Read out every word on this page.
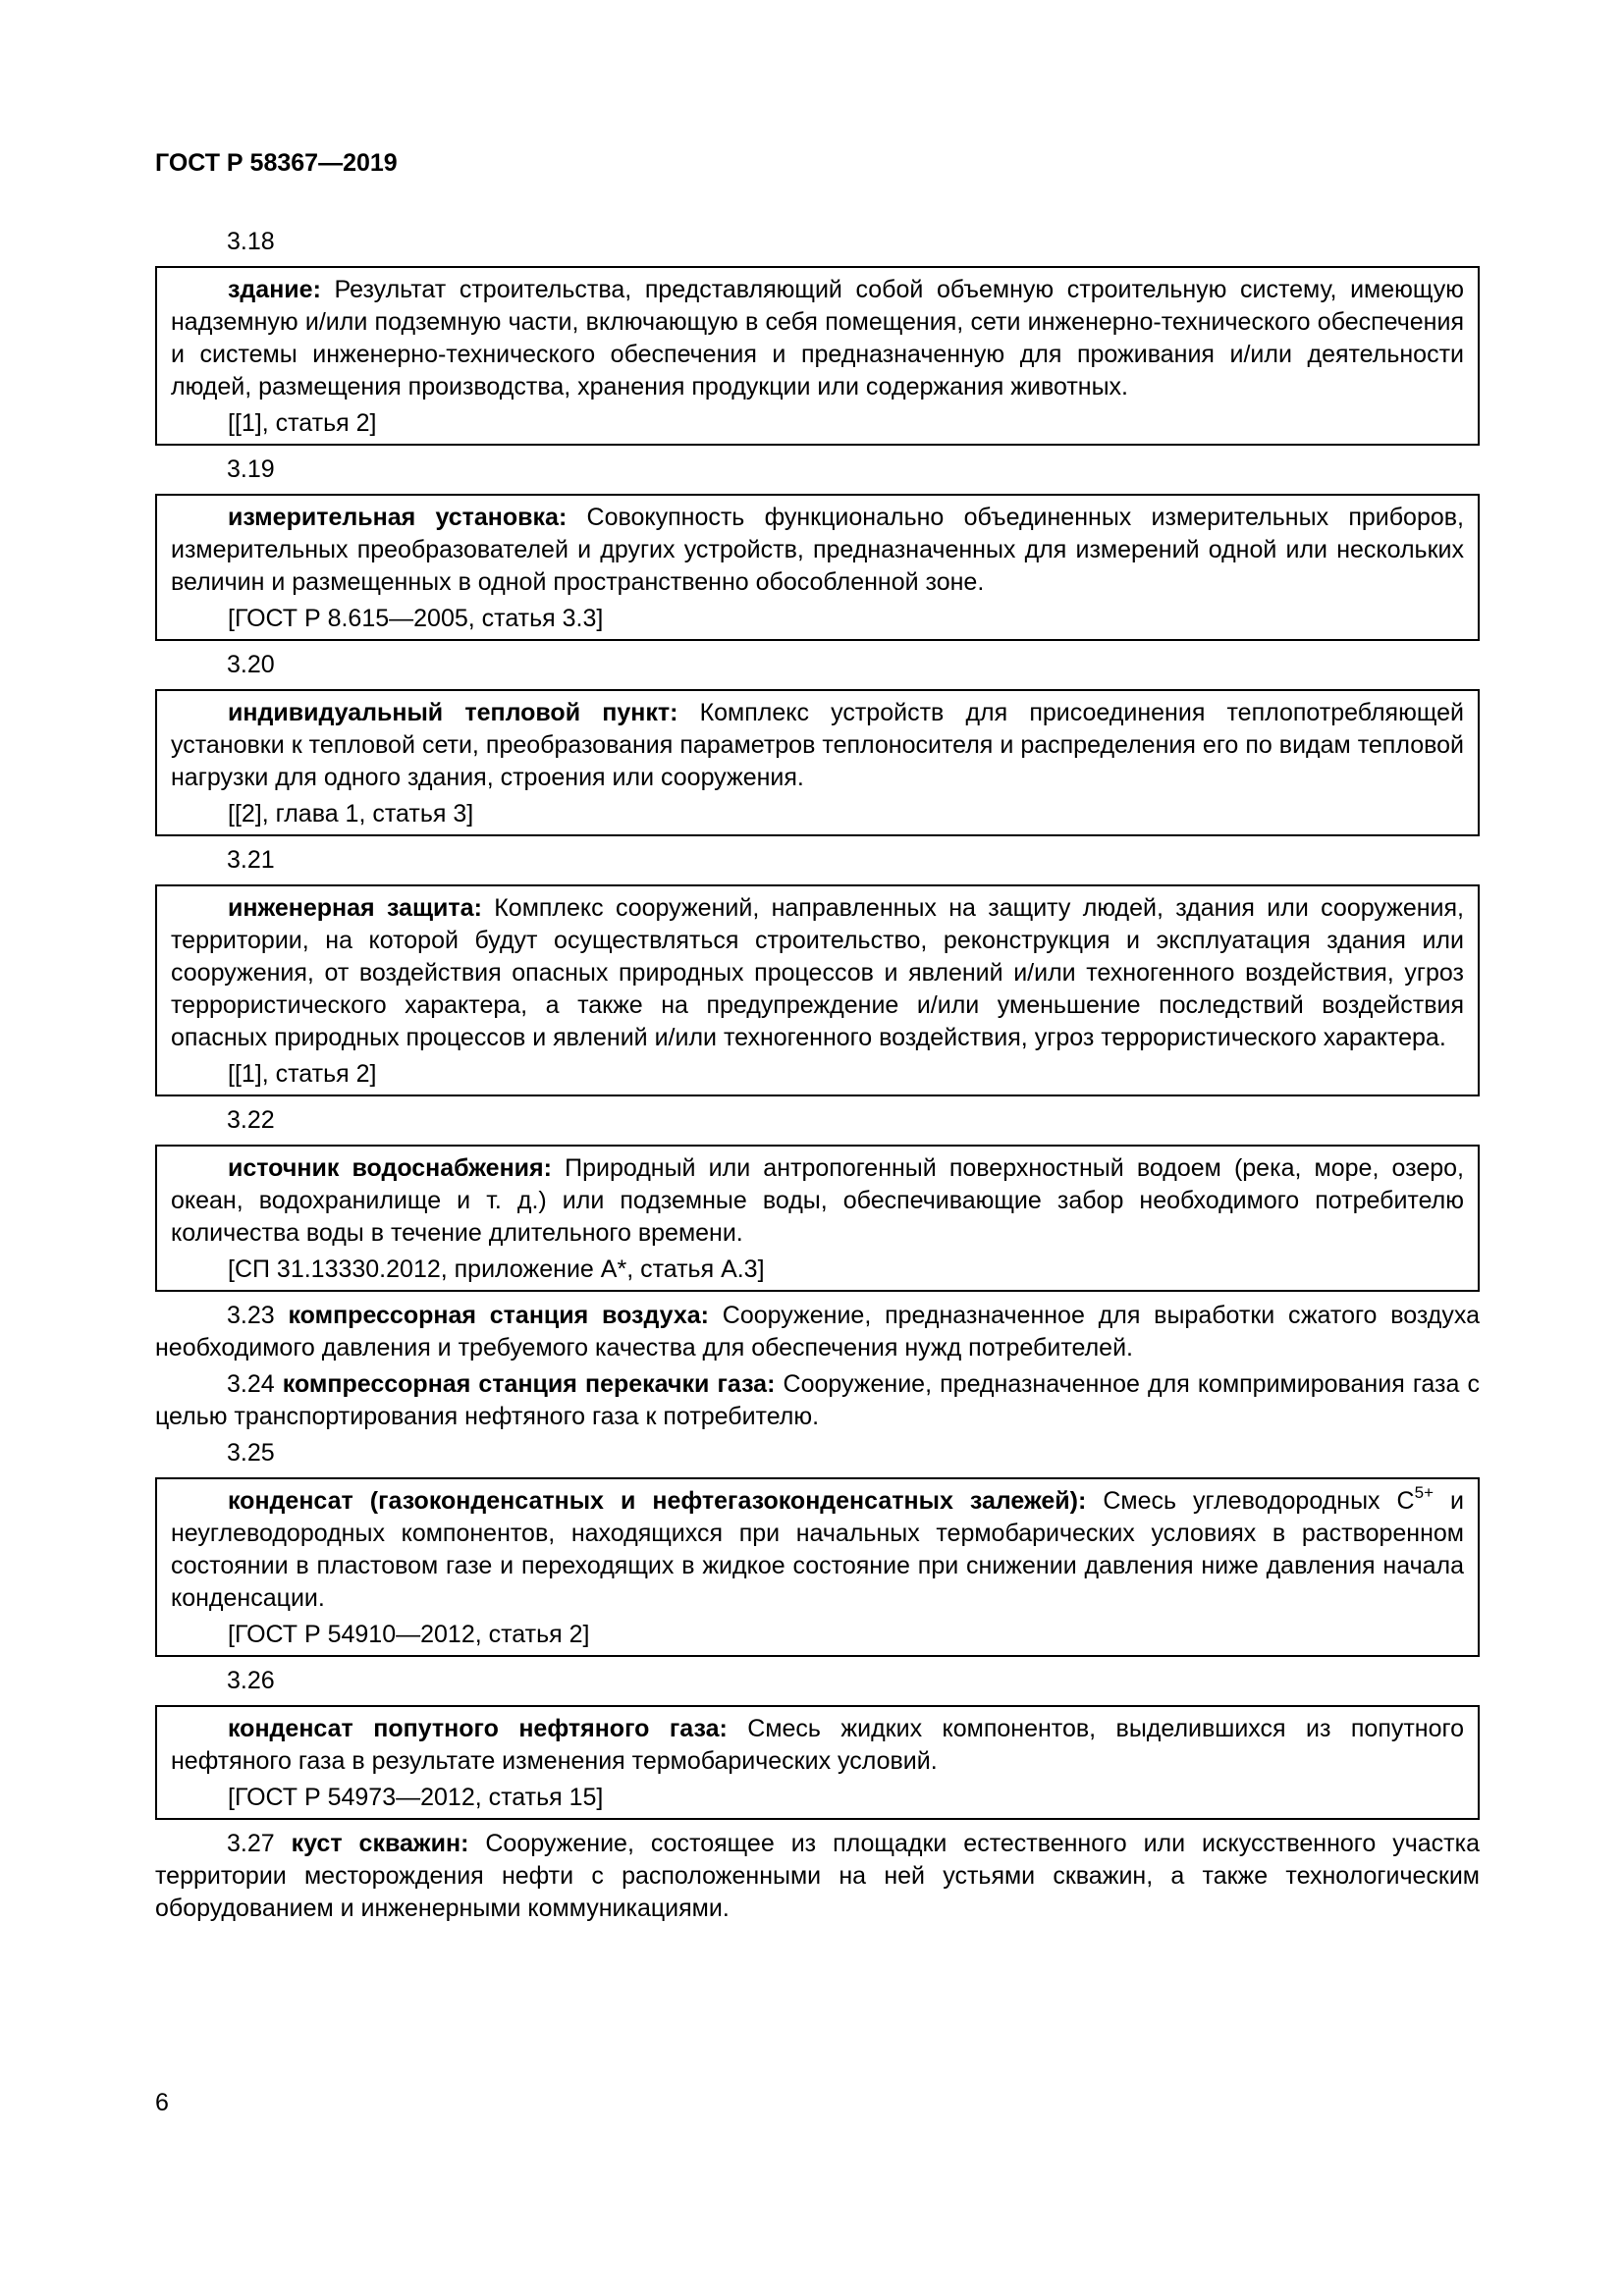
ГОСТ Р 58367—2019
3.18

здание: Результат строительства, представляющий собой объемную строительную систему, имеющую надземную и/или подземную части, включающую в себя помещения, сети инженерно-технического обеспечения и системы инженерно-технического обеспечения и предназначенную для проживания и/или деятельности людей, размещения производства, хранения продукции или содержания животных.

[[1], статья 2]

3.19

измерительная установка: Совокупность функционально объединенных измерительных приборов, измерительных преобразователей и других устройств, предназначенных для измерений одной или нескольких величин и размещенных в одной пространственно обособленной зоне.

[ГОСТ Р 8.615—2005, статья 3.3]

3.20

индивидуальный тепловой пункт: Комплекс устройств для присоединения теплопотребляющей установки к тепловой сети, преобразования параметров теплоносителя и распределения его по видам тепловой нагрузки для одного здания, строения или сооружения.

[[2], глава 1, статья 3]

3.21

инженерная защита: Комплекс сооружений, направленных на защиту людей, здания или сооружения, территории, на которой будут осуществляться строительство, реконструкция и эксплуатация здания или сооружения, от воздействия опасных природных процессов и явлений и/или техногенного воздействия, угроз террористического характера, а также на предупреждение и/или уменьшение последствий воздействия опасных природных процессов и явлений и/или техногенного воздействия, угроз террористического характера.

[[1], статья 2]

3.22

источник водоснабжения: Природный или антропогенный поверхностный водоем (река, море, озеро, океан, водохранилище и т. д.) или подземные воды, обеспечивающие забор необходимого потребителю количества воды в течение длительного времени.

[СП 31.13330.2012, приложение А*, статья А.3]

3.23 компрессорная станция воздуха: Сооружение, предназначенное для выработки сжатого воздуха необходимого давления и требуемого качества для обеспечения нужд потребителей.

3.24 компрессорная станция перекачки газа: Сооружение, предназначенное для компримирования газа с целью транспортирования нефтяного газа к потребителю.

3.25

конденсат (газоконденсатных и нефтегазоконденсатных залежей): Смесь углеводородных $С^{5+}$ и неуглеводородных компонентов, находящихся при начальных термобарических условиях в растворенном состоянии в пластовом газе и переходящих в жидкое состояние при снижении давления ниже давления начала конденсации.

[ГОСТ Р 54910—2012, статья 2]

3.26

конденсат попутного нефтяного газа: Смесь жидких компонентов, выделившихся из попутного нефтяного газа в результате изменения термобарических условий.

[ГОСТ Р 54973—2012, статья 15]

3.27 куст скважин: Сооружение, состоящее из площадки естественного или искусственного участка территории месторождения нефти с расположенными на ней устьями скважин, а также технологическим оборудованием и инженерными коммуникациями.

6
